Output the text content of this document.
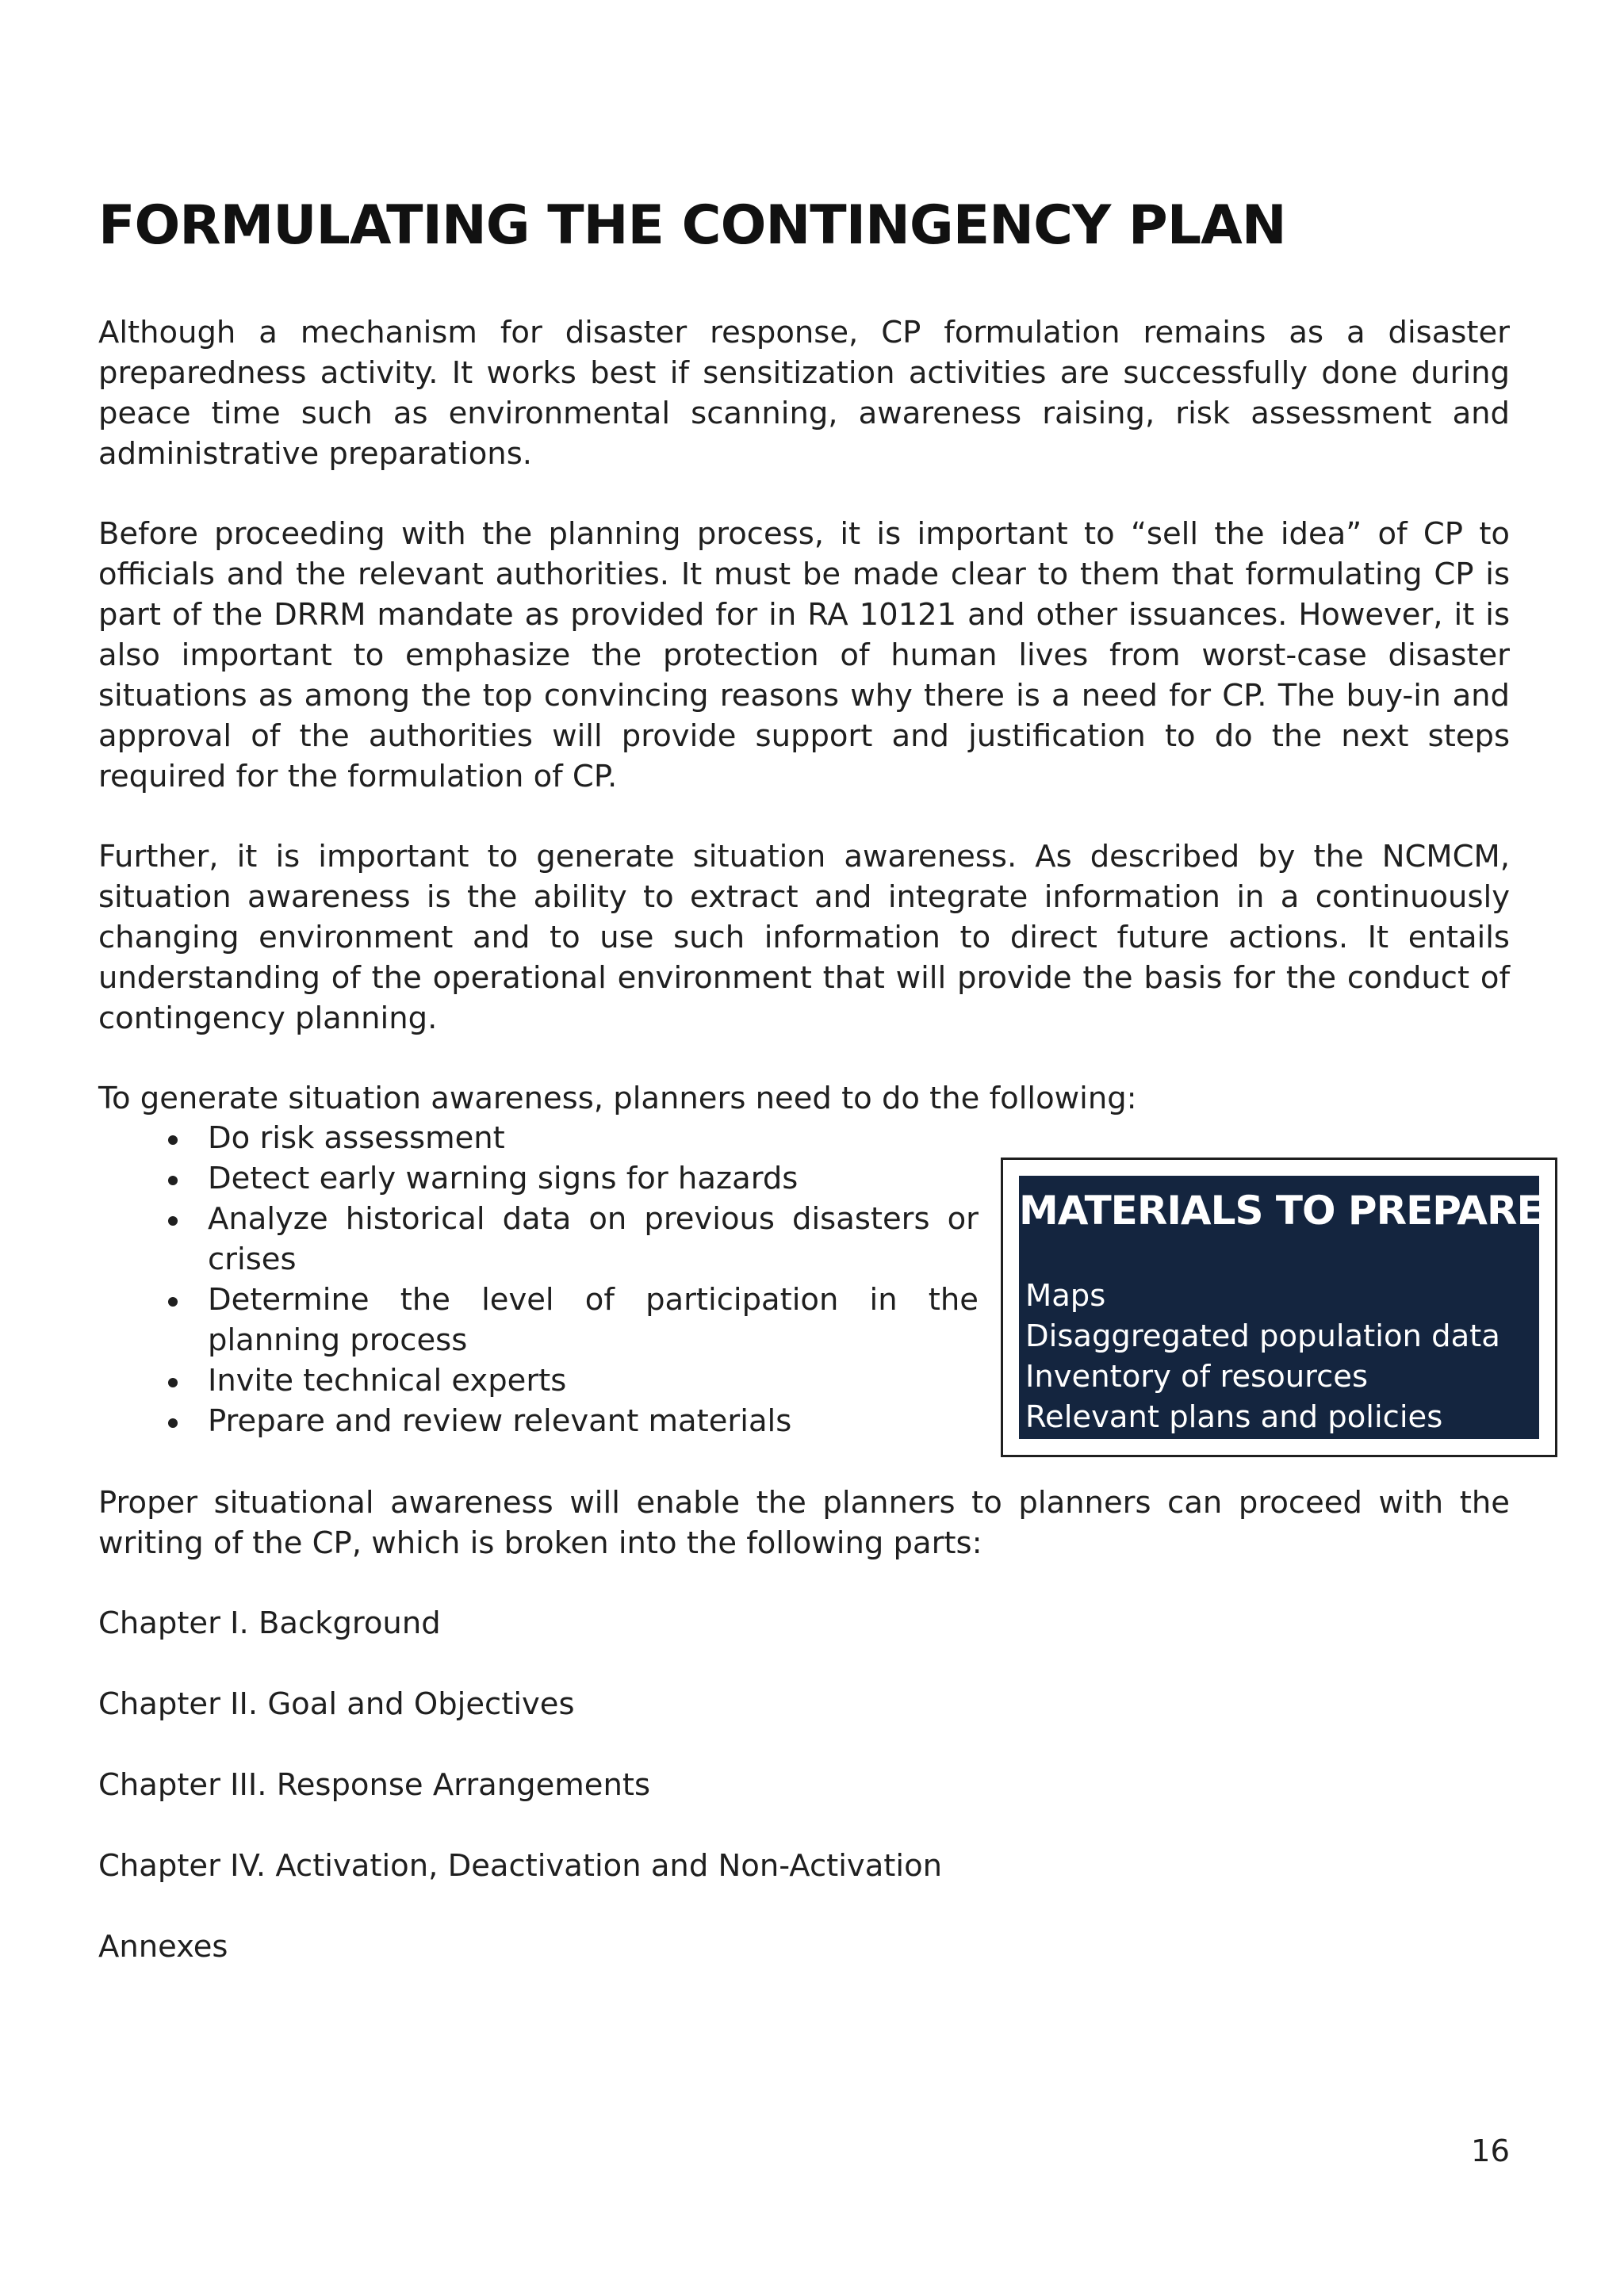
FORMULATING THE CONTINGENCY PLAN

Although a mechanism for disaster response, CP formulation remains as a disaster preparedness activity. It works best if sensitization activities are successfully done during peace time such as environmental scanning, awareness raising, risk assessment and administrative preparations.

Before proceeding with the planning process, it is important to “sell the idea” of CP to officials and the relevant authorities. It must be made clear to them that formulating CP is part of the DRRM mandate as provided for in RA 10121 and other issuances. However, it is also important to emphasize the protection of human lives from worst-case disaster situations as among the top convincing reasons why there is a need for CP. The buy-in and approval of the authorities will provide support and justification to do the next steps required for the formulation of CP.

Further, it is important to generate situation awareness. As described by the NCMCM, situation awareness is the ability to extract and integrate information in a continuously changing environment and to use such information to direct future actions. It entails understanding of the operational environment that will provide the basis for the conduct of contingency planning.

To generate situation awareness, planners need to do the following:

Do risk assessment
Detect early warning signs for hazards
Analyze historical data on previous disasters or crises
Determine the level of participation in the planning process
Invite technical experts
Prepare and review relevant materials
MATERIALS TO PREPARE
Maps
Disaggregated population data
Inventory of resources
Relevant plans and policies

Proper situational awareness will enable the planners to planners can proceed with the writing of the CP, which is broken into the following parts:

Chapter I. Background

Chapter II. Goal and Objectives

Chapter III. Response Arrangements

Chapter IV. Activation, Deactivation and Non-Activation

Annexes

16
